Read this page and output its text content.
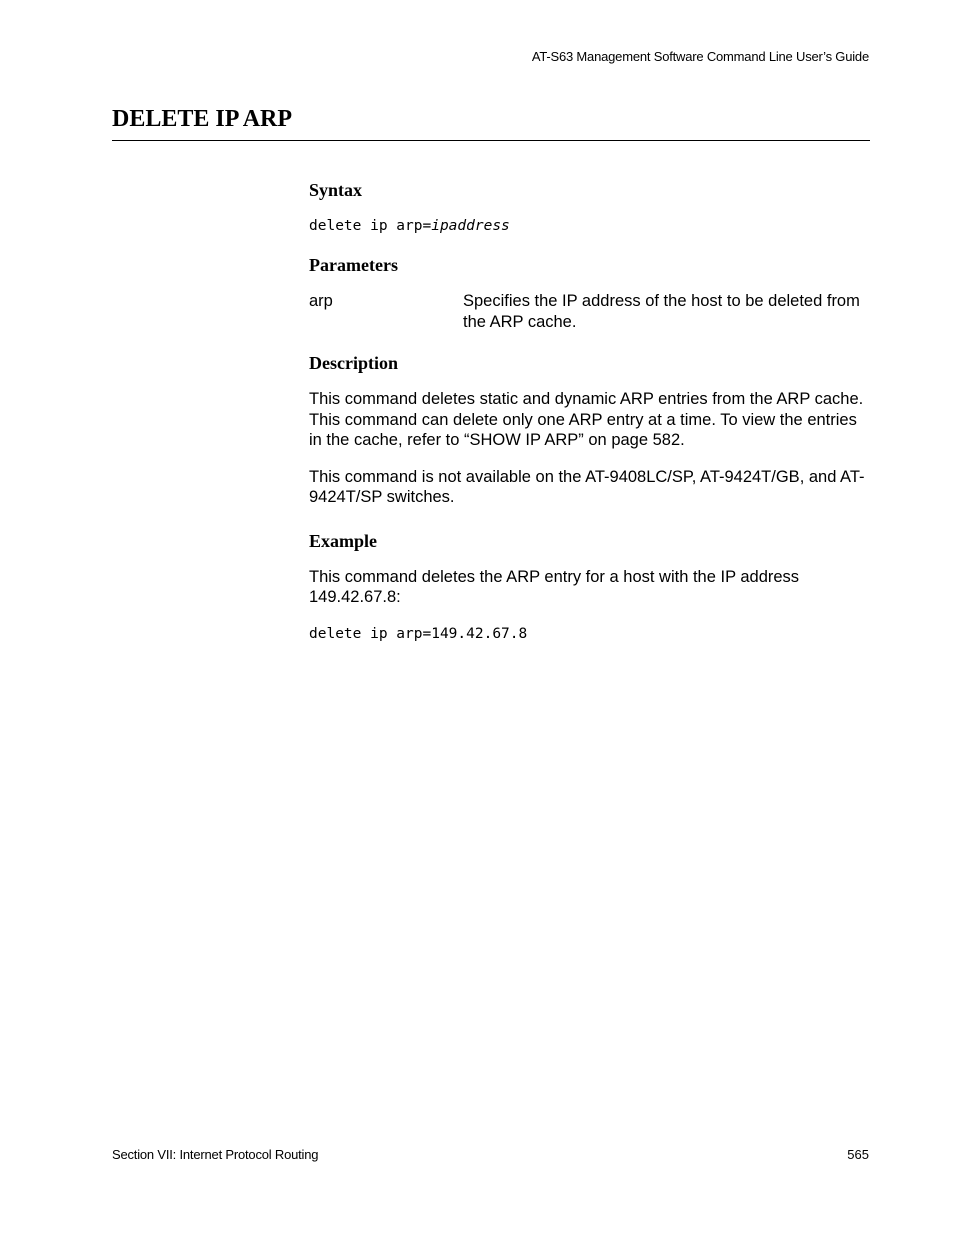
AT-S63 Management Software Command Line User’s Guide
DELETE IP ARP
Syntax
delete ip arp=ipaddress
Parameters
arp	Specifies the IP address of the host to be deleted from the ARP cache.
Description

This command deletes static and dynamic ARP entries from the ARP cache. This command can delete only one ARP entry at a time. To view the entries in the cache, refer to “SHOW IP ARP” on page 582.

This command is not available on the AT-9408LC/SP, AT-9424T/GB, and AT-9424T/SP switches.

Example

This command deletes the ARP entry for a host with the IP address 149.42.67.8:

delete ip arp=149.42.67.8
Section VII: Internet Protocol Routing	565
